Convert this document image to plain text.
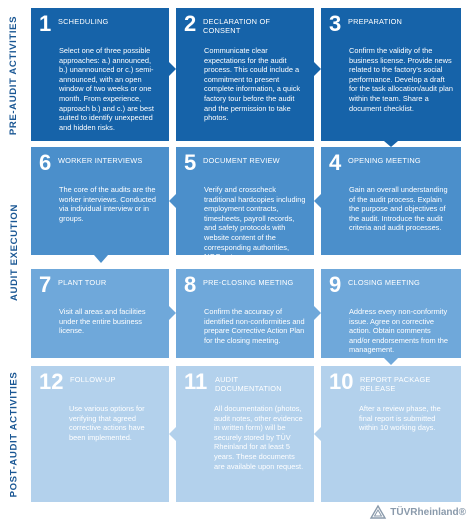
PRE-AUDIT ACTIVITIES
AUDIT EXECUTION
POST-AUDIT ACTIVITIES
1 SCHEDULING
Select one of three possible approaches: a.) announced, b.) unannounced or c.) semi-announced, with an open window of two weeks or one month. From experience, approach b.) and c.) are best suited to identify unexpected and hidden risks.
2 DECLARATION OF CONSENT
Communicate clear expectations for the audit process. This could include a commitment to present complete information, a quick factory tour before the audit and the permission to take photos.
3 PREPARATION
Confirm the validity of the business license. Provide news related to the factory's social performance. Develop a draft for the task allocation/audit plan within the team. Share a document checklist.
6 WORKER INTERVIEWS
The core of the audits are the worker interviews. Conducted via individual interview or in groups.
5 DOCUMENT REVIEW
Verify and crosscheck traditional hardcopies including employment contracts, timesheets, payroll records, and safety protocols with website content of the corresponding authorities, NGOs etc.
4 OPENING MEETING
Gain an overall understanding of the audit process. Explain the purpose and objectives of the audit. Introduce the audit criteria and audit processes.
7 PLANT TOUR
Visit all areas and facilities under the entire business license.
8 PRE-CLOSING MEETING
Confirm the accuracy of identified non-conformities and prepare Corrective Action Plan for the closing meeting.
9 CLOSING MEETING
Address every non-conformity issue. Agree on corrective action. Obtain comments and/or endorsements from the management.
12 FOLLOW-UP
Use various options for verifying that agreed corrective actions have been implemented.
11	AUDIT DOCUMENTATION
All documentation (photos, audit notes, other evidence in written form) will be securely stored by TÜV Rheinland for at least 5 years. These documents are available upon request.
10 REPORT PACKAGE RELEASE
After a review phase, the final report is submitted within 10 working days.
TÜVRheinland®
